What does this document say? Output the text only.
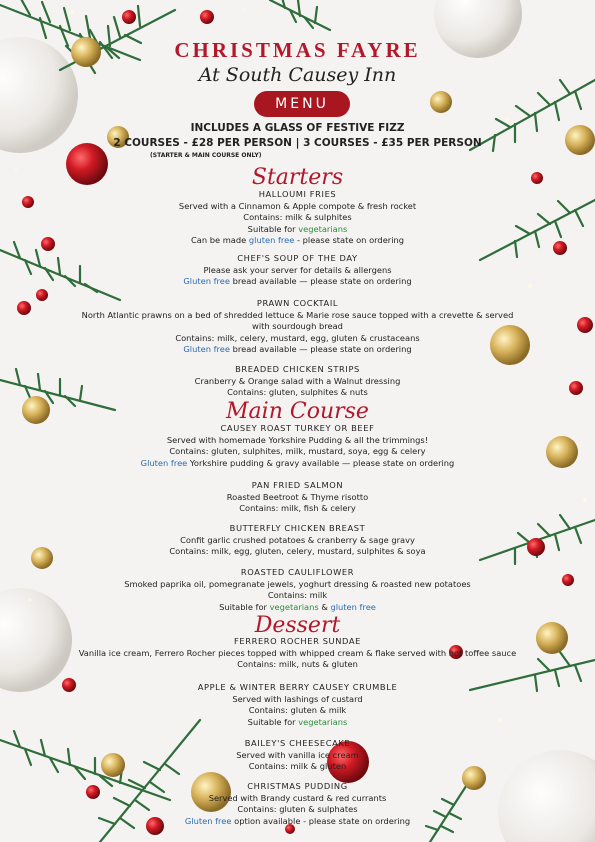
CHRISTMAS FAYRE
At South Causey Inn
MENU
INCLUDES A GLASS OF FESTIVE FIZZ
2 COURSES - £28 PER PERSON | 3 COURSES - £35 PER PERSON
(STARTER & MAIN COURSE ONLY)
Starters
HALLOUMI FRIES
Served with a Cinnamon & Apple compote & fresh rocket
Contains: milk & sulphites
Suitable for vegetarians
Can be made gluten free - please state on ordering
CHEF'S SOUP OF THE DAY
Please ask your server for details & allergens
Gluten free bread available — please state on ordering
PRAWN COCKTAIL
North Atlantic prawns on a bed of shredded lettuce & Marie rose sauce topped with a crevette & served
with sourdough bread
Contains: milk, celery, mustard, egg, gluten & crustaceans
Gluten free bread available — please state on ordering
BREADED CHICKEN STRIPS
Cranberry & Orange salad with a Walnut dressing
Contains: gluten, sulphites & nuts
Main Course
CAUSEY ROAST TURKEY OR BEEF
Served with homemade Yorkshire Pudding & all the trimmings!
Contains: gluten, sulphites, milk, mustard, soya, egg & celery
Gluten free Yorkshire pudding & gravy available — please state on ordering
PAN FRIED SALMON
Roasted Beetroot & Thyme risotto
Contains: milk, fish & celery
BUTTERFLY CHICKEN BREAST
Confit garlic crushed potatoes & cranberry & sage gravy
Contains: milk, egg, gluten, celery, mustard, sulphites & soya
ROASTED CAULIFLOWER
Smoked paprika oil, pomegranate jewels, yoghurt dressing & roasted new potatoes
Contains: milk
Suitable for vegetarians & gluten free
Dessert
FERRERO ROCHER SUNDAE
Vanilla ice cream, Ferrero Rocher pieces topped with whipped cream & flake served with hot toffee sauce
Contains: milk, nuts & gluten
APPLE & WINTER BERRY CAUSEY CRUMBLE
Served with lashings of custard
Contains: gluten & milk
Suitable for vegetarians
BAILEY'S CHEESECAKE
Served with vanilla ice cream
Contains: milk & gluten
CHRISTMAS PUDDING
Served with Brandy custard & red currants
Contains: gluten & sulphates
Gluten free option available - please state on ordering
